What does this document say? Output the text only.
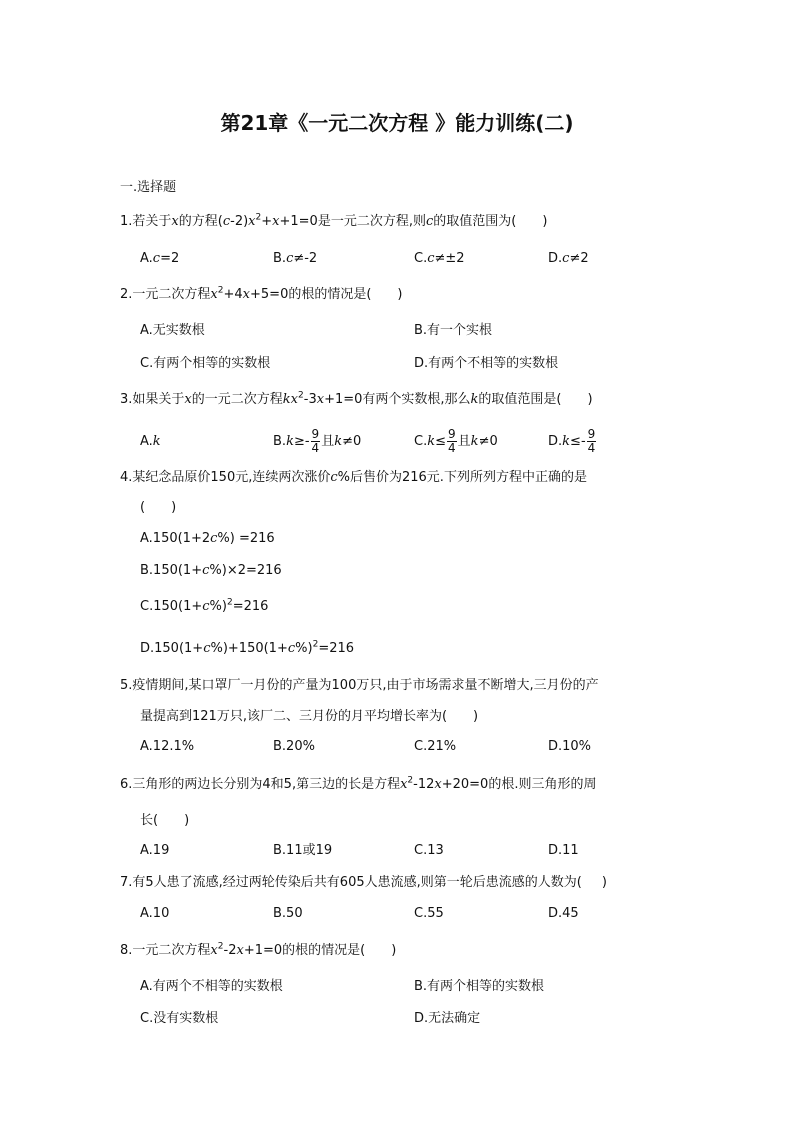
第21章《一元二次方程 》能力训练(二)
一.选择题
1.若关于x的方程$(c-2)x^2+x+1=0$是一元二次方程,则c的取值范围为( )
A.c=2	B.c≠-2	C.c≠±2	D.c≠2
2.一元二次方程$x^2+4x+5=0$的根的情况是( )
A.无实数根	B.有一个实根
C.有两个相等的实数根	D.有两个不相等的实数根
3.如果关于x的一元二次方程$kx^2-3x+1=0$有两个实数根,那么k的取值范围是( )
A.k	$B.k\ge- \frac{9}{4}$ 且k≠0	$C.k\le \frac{9}{4}$ 且k≠0	$D.k\le- \frac{9}{4}$
4.某纪念品原价150元,连续两次涨价c%后售价为216元.下列所列方程中正确的是
( )
A.150(1+2c%) =216
B.150(1+c%)×2=216
$C.150(1+c\%)^2=216$
$D.150(1+c\%)+150(1+c\%)^2=216$
5.疫情期间,某口罩厂一月份的产量为100万只,由于市场需求量不断增大,三月份的产
量提高到121万只,该厂二、三月份的月平均增长率为( )
A.12.1%	B.20%	C.21%	D.10%
6.三角形的两边长分别为4和5,第三边的长是方程$x^2-12x+20=0$的根.则三角形的周
长( )
A.19	B.11或19	C.13	D.11
7.有5人患了流感,经过两轮传染后共有605人患流感,则第一轮后患流感的人数为( )
A.10	B.50	C.55	D.45
8.一元二次方程$x^2-2x+1=0$的根的情况是( )
A.有两个不相等的实数根	B.有两个相等的实数根
C.没有实数根	D.无法确定
